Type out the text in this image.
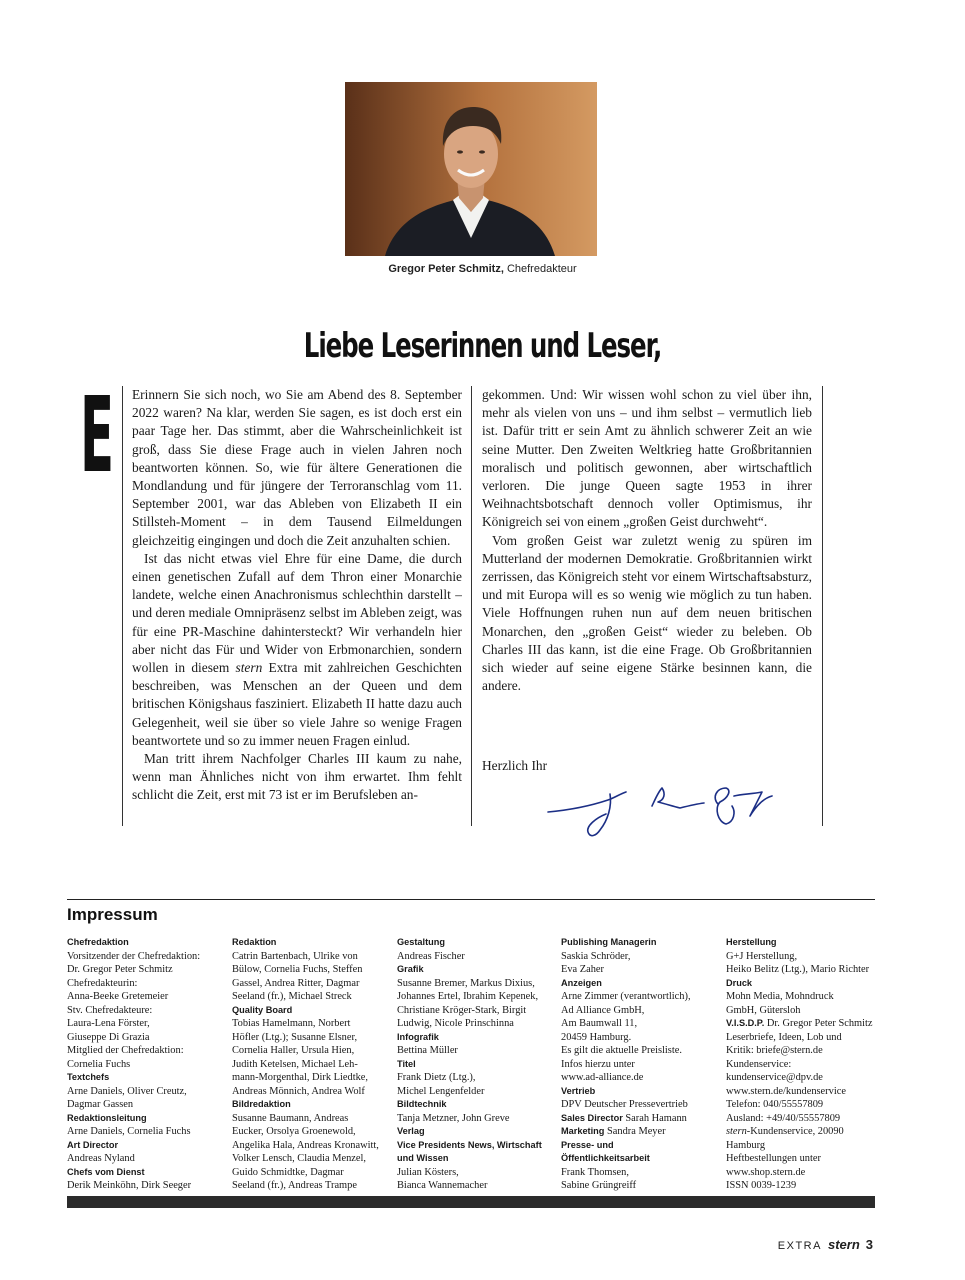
Gregor Peter Schmitz, Chefredakteur
Liebe Leserinnen und Leser,
E Erinnern Sie sich noch, wo Sie am Abend des 8. September 2022 waren? Na klar, werden Sie sagen, es ist doch erst ein paar Tage her. Das stimmt, aber die Wahrscheinlichkeit ist groß, dass Sie diese Frage auch in vielen Jahren noch beantworten können. So, wie für ältere Generationen die Mondlandung und für jüngere der Terroranschlag vom 11. September 2001, war das Ableben von Elizabeth II ein Stillsteh-Moment – in dem Tausend Eilmeldungen gleichzeitig eingingen und doch die Zeit anzuhalten schien.

Ist das nicht etwas viel Ehre für eine Dame, die durch einen genetischen Zufall auf dem Thron einer Monarchie landete, welche einen Anachronismus schlechthin darstellt – und deren mediale Omnipräsenz selbst im Ableben zeigt, was für eine PR-Maschine dahintersteckt? Wir verhandeln hier aber nicht das Für und Wider von Erbmonarchien, sondern wollen in diesem stern Extra mit zahlreichen Geschichten beschreiben, was Menschen an der Queen und dem britischen Königshaus fasziniert. Elizabeth II hatte dazu auch Gelegenheit, weil sie über so viele Jahre so wenige Fragen beantwortete und so zu immer neuen Fragen einlud.

Man tritt ihrem Nachfolger Charles III kaum zu nahe, wenn man Ähnliches nicht von ihm erwartet. Ihm fehlt schlicht die Zeit, erst mit 73 ist er im Berufsleben an-

gekommen. Und: Wir wissen wohl schon zu viel über ihn, mehr als vielen von uns – und ihm selbst – vermutlich lieb ist. Dafür tritt er sein Amt zu ähnlich schwerer Zeit an wie seine Mutter. Den Zweiten Weltkrieg hatte Großbritannien moralisch und politisch gewonnen, aber wirtschaftlich verloren. Die junge Queen sagte 1953 in ihrer Weihnachtsbotschaft dennoch voller Optimismus, ihr Königreich sei von einem „großen Geist durchweht“.

Vom großen Geist war zuletzt wenig zu spüren im Mutterland der modernen Demokratie. Großbritannien wirkt zerrissen, das Königreich steht vor einem Wirtschaftsabsturz, und mit Europa will es so wenig wie möglich zu tun haben. Viele Hoffnungen ruhen nun auf dem neuen britischen Monarchen, den „großen Geist“ wieder zu beleben. Ob Charles III das kann, ist die eine Frage. Ob Großbritannien sich wieder auf seine eigene Stärke besinnen kann, die andere.

Herzlich Ihr
Impressum
Chefredaktion
Vorsitzender der Chefredaktion:
Dr. Gregor Peter Schmitz
Chefredakteurin:
Anna-Beeke Gretemeier
Stv. Chefredakteure:
Laura-Lena Förster,
Giuseppe Di Grazia
Mitglied der Chefredaktion:
Cornelia Fuchs
Textchefs
Arne Daniels, Oliver Creutz,
Dagmar Gassen
Redaktionsleitung
Arne Daniels, Cornelia Fuchs
Art Director
Andreas Nyland
Chefs vom Dienst
Derik Meinköhn, Dirk Seeger
Redaktion
Catrin Bartenbach, Ulrike von
Bülow, Cornelia Fuchs, Steffen
Gassel, Andrea Ritter, Dagmar
Seeland (fr.), Michael Streck
Quality Board
Tobias Hamelmann, Norbert
Höfler (Ltg.); Susanne Elsner,
Cornelia Haller, Ursula Hien,
Judith Ketelsen, Michael Leh-
mann-Morgenthal, Dirk Liedtke,
Andreas Mönnich, Andrea Wolf
Bildredaktion
Susanne Baumann, Andreas
Eucker, Orsolya Groenewold,
Angelika Hala, Andreas Kronawitt,
Volker Lensch, Claudia Menzel,
Guido Schmidtke, Dagmar
Seeland (fr.), Andreas Trampe
Gestaltung
Andreas Fischer
Grafik
Susanne Bremer, Markus Dixius,
Johannes Ertel, Ibrahim Kepenek,
Christiane Kröger-Stark, Birgit
Ludwig, Nicole Prinschinna
Infografik
Bettina Müller
Titel
Frank Dietz (Ltg.),
Michel Lengenfelder
Bildtechnik
Tanja Metzner, John Greve
Verlag
Vice Presidents News, Wirtschaft
und Wissen
Julian Kösters,
Bianca Wannemacher
Publishing Managerin
Saskia Schröder,
Eva Zaher
Anzeigen
Arne Zimmer (verantwortlich),
Ad Alliance GmbH,
Am Baumwall 11,
20459 Hamburg.
Es gilt die aktuelle Preisliste.
Infos hierzu unter
www.ad-alliance.de
Vertrieb
DPV Deutscher Pressevertrieb
Sales Director Sarah Hamann
Marketing Sandra Meyer
Presse- und
Öffentlichkeitsarbeit
Frank Thomsen,
Sabine Grüngreiff
Herstellung
G+J Herstellung,
Heiko Belitz (Ltg.), Mario Richter
Druck
Mohn Media, Mohndruck
GmbH, Gütersloh
V.I.S.D.P. Dr. Gregor Peter Schmitz
Leserbriefe, Ideen, Lob und
Kritik: briefe@stern.de
Kundenservice:
kundenservice@dpv.de
www.stern.de/kundenservice
Telefon: 040/55557809
Ausland: +49/40/55557809
stern-Kundenservice, 20090
Hamburg
Heftbestellungen unter
www.shop.stern.de
ISSN 0039-1239
EXTRA stern 3
